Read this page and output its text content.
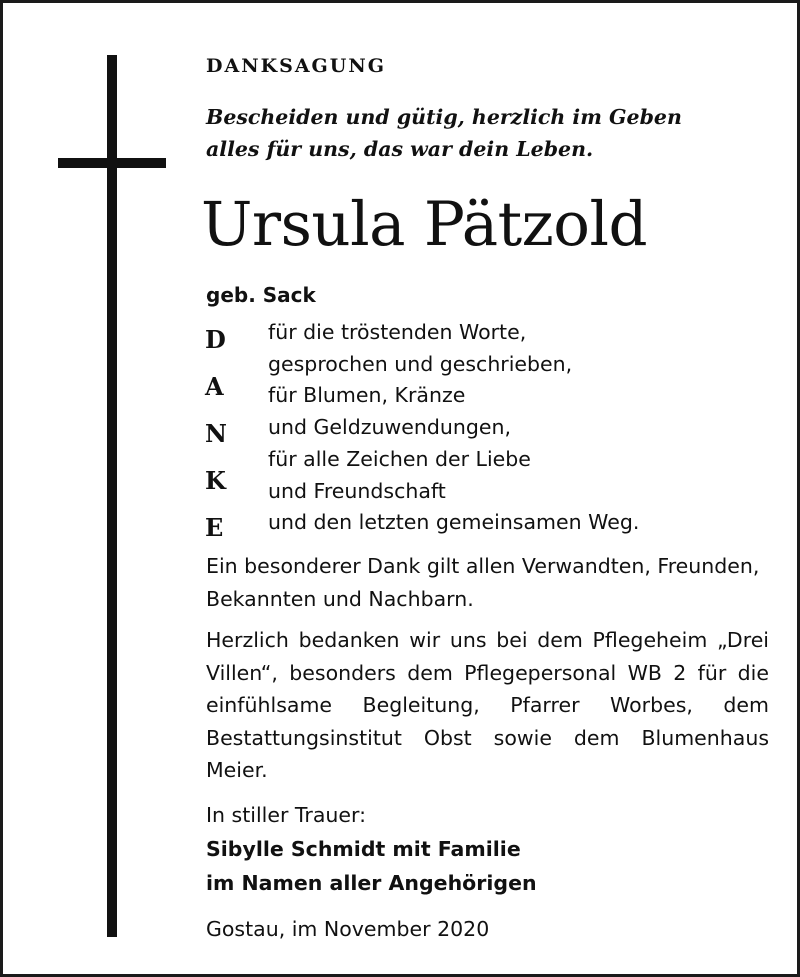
DANKSAGUNG
Bescheiden und gütig, herzlich im Geben
alles für uns, das war dein Leben.
Ursula Pätzold
geb. Sack
D
A
N
K
E
für die tröstenden Worte,
gesprochen und geschrieben,
für Blumen, Kränze
und Geldzuwendungen,
für alle Zeichen der Liebe
und Freundschaft
und den letzten gemeinsamen Weg.
Ein besonderer Dank gilt allen Verwandten, Freunden, Bekannten und Nachbarn.
Herzlich bedanken wir uns bei dem Pflegeheim „Drei Villen“, besonders dem Pflegepersonal WB 2 für die einfühlsame Begleitung, Pfarrer Worbes, dem Bestattungsinstitut Obst sowie dem Blumenhaus Meier.
In stiller Trauer:
Sibylle Schmidt mit Familie
im Namen aller Angehörigen
Gostau, im November 2020
